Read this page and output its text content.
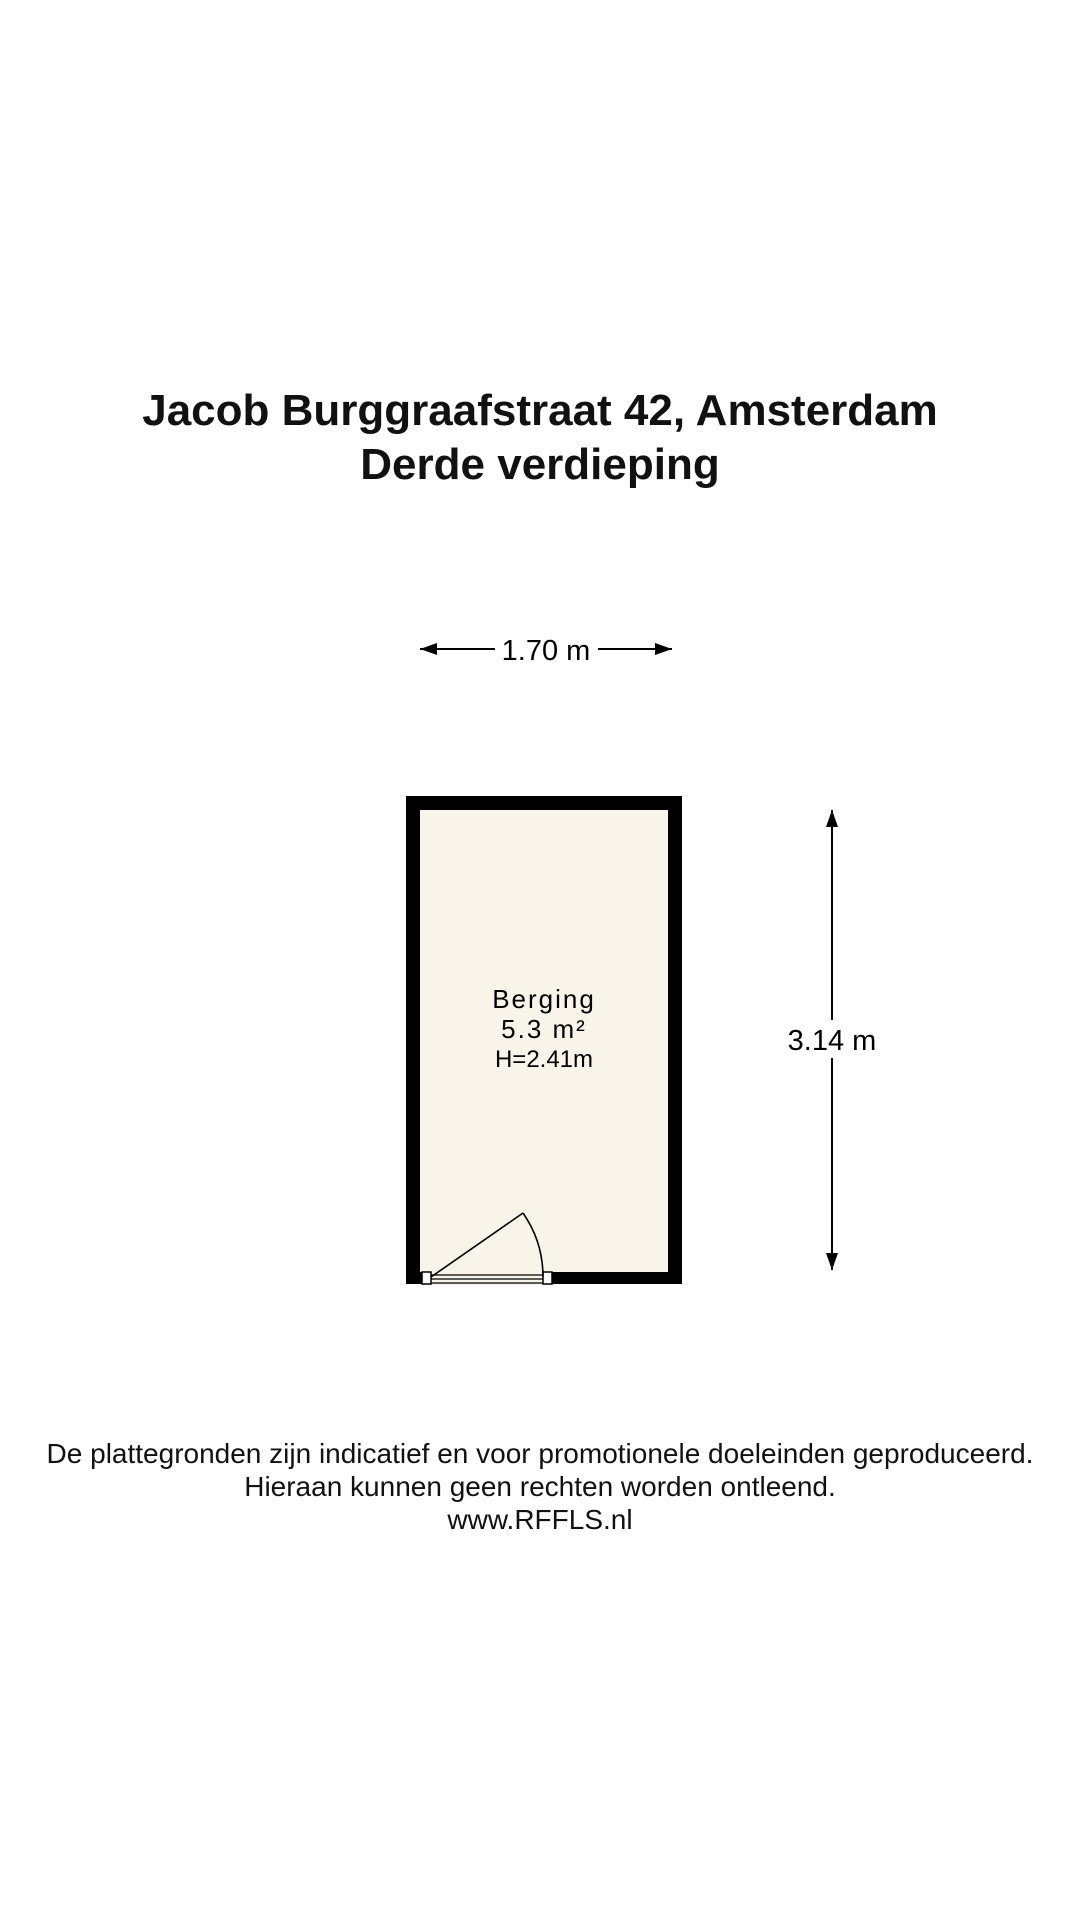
Jacob Burggraafstraat 42, Amsterdam
Derde verdieping
1.70 m
3.14 m
Berging
5.3 m²
H=2.41m
De plattegronden zijn indicatief en voor promotionele doeleinden geproduceerd.
Hieraan kunnen geen rechten worden ontleend.
www.RFFLS.nl
